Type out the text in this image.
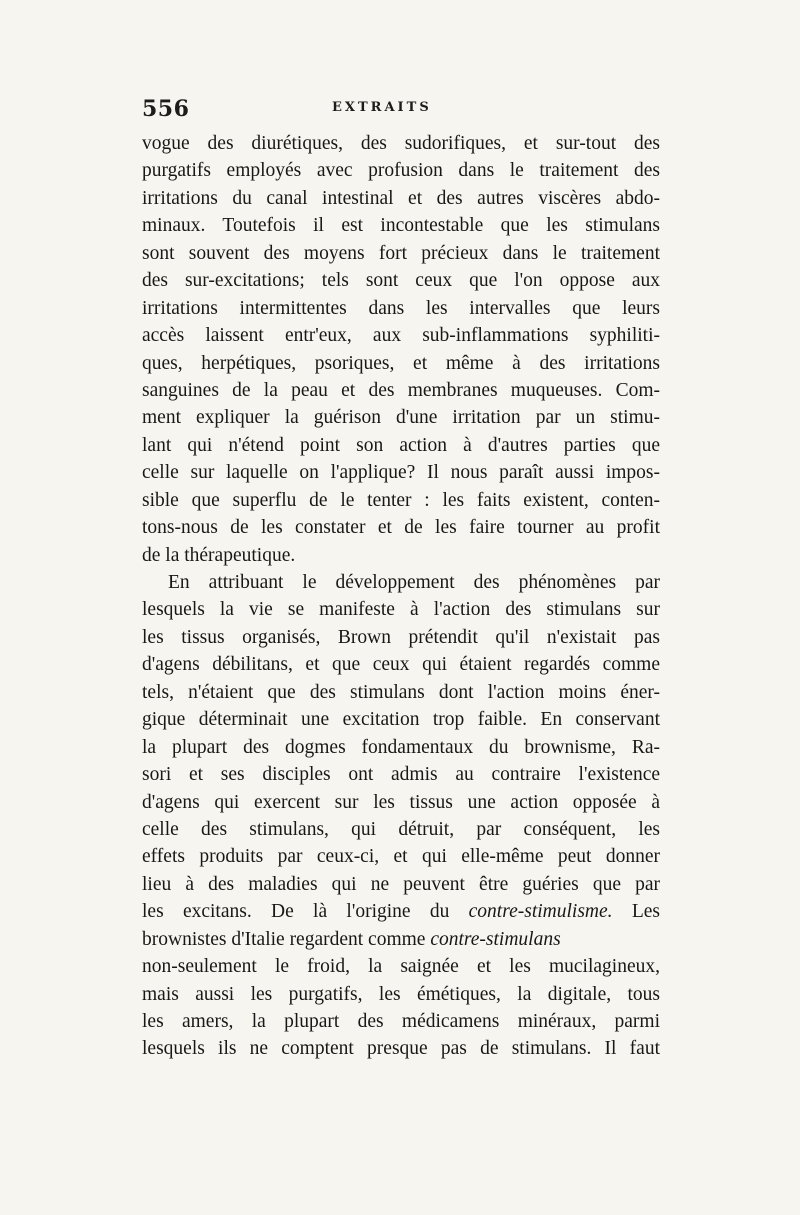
556	EXTRAITS
vogue des diurétiques, des sudorifiques, et sur-tout des
purgatifs employés avec profusion dans le traitement des
irritations du canal intestinal et des autres viscères abdo-
minaux. Toutefois il est incontestable que les stimulans
sont souvent des moyens fort précieux dans le traitement
des sur-excitations; tels sont ceux que l'on oppose aux
irritations intermittentes dans les intervalles que leurs
accès laissent entr'eux, aux sub-inflammations syphiliti-
ques, herpétiques, psoriques, et même à des irritations
sanguines de la peau et des membranes muqueuses. Com-
ment expliquer la guérison d'une irritation par un stimu-
lant qui n'étend point son action à d'autres parties que
celle sur laquelle on l'applique? Il nous paraît aussi impos-
sible que superflu de le tenter : les faits existent, conten-
tons-nous de les constater et de les faire tourner au profit
de la thérapeutique.
En attribuant le développement des phénomènes par
lesquels la vie se manifeste à l'action des stimulans sur
les tissus organisés, Brown prétendit qu'il n'existait pas
d'agens débilitans, et que ceux qui étaient regardés comme
tels, n'étaient que des stimulans dont l'action moins éner-
gique déterminait une excitation trop faible. En conservant
la plupart des dogmes fondamentaux du brownisme, Ra-
sori et ses disciples ont admis au contraire l'existence
d'agens qui exercent sur les tissus une action opposée à
celle des stimulans, qui détruit, par conséquent, les
effets produits par ceux-ci, et qui elle-même peut donner
lieu à des maladies qui ne peuvent être guéries que par
les excitans. De là l'origine du contre-stimulisme. Les
brownistes d'Italie regardent comme contre-stimulans
non-seulement le froid, la saignée et les mucilagineux,
mais aussi les purgatifs, les émétiques, la digitale, tous
les amers, la plupart des médicamens minéraux, parmi
lesquels ils ne comptent presque pas de stimulans. Il faut
